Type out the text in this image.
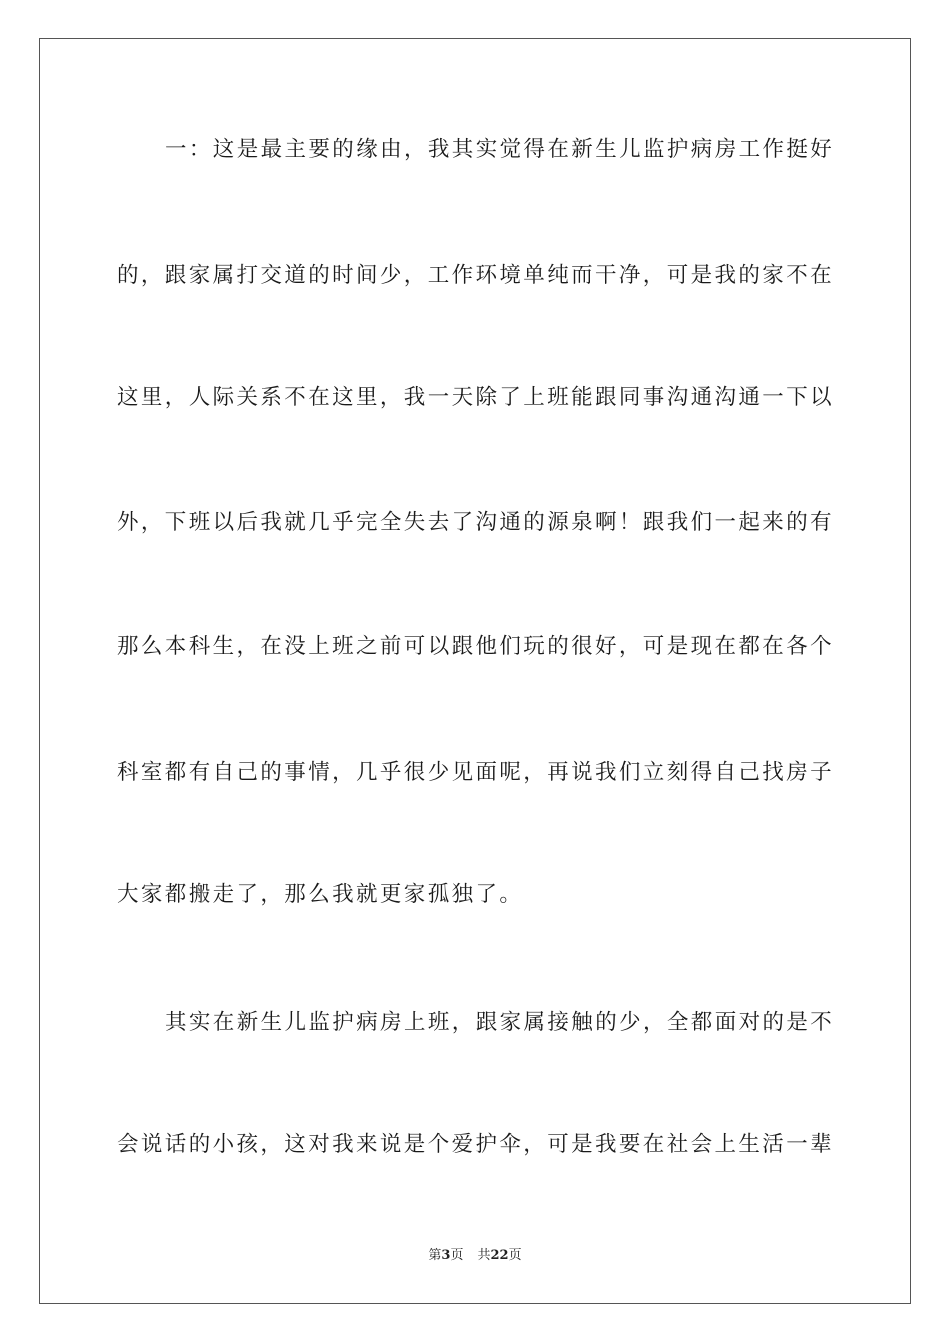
一：这是最主要的缘由，我其实觉得在新生儿监护病房工作挺好
的，跟家属打交道的时间少，工作环境单纯而干净，可是我的家不在
这里，人际关系不在这里，我一天除了上班能跟同事沟通沟通一下以
外，下班以后我就几乎完全失去了沟通的源泉啊！跟我们一起来的有
那么本科生，在没上班之前可以跟他们玩的很好，可是现在都在各个
科室都有自己的事情，几乎很少见面呢，再说我们立刻得自己找房子
大家都搬走了，那么我就更家孤独了。
其实在新生儿监护病房上班，跟家属接触的少，全都面对的是不
会说话的小孩，这对我来说是个爱护伞，可是我要在社会上生活一辈
第3页 共22页
